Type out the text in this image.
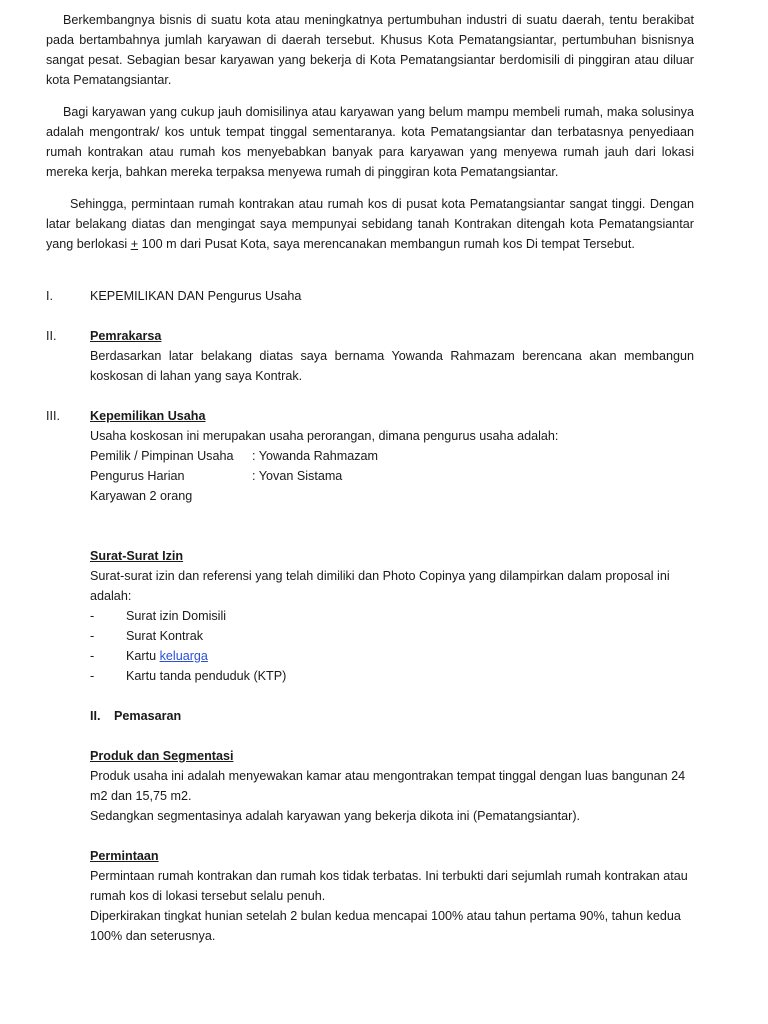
Berkembangnya bisnis di suatu kota atau meningkatnya pertumbuhan industri di suatu daerah, tentu berakibat pada bertambahnya jumlah karyawan di daerah tersebut. Khusus Kota Pematangsiantar, pertumbuhan bisnisnya sangat pesat. Sebagian besar karyawan yang bekerja di Kota Pematangsiantar berdomisili di pinggiran atau diluar kota Pematangsiantar.

Bagi karyawan yang cukup jauh domisilinya atau karyawan yang belum mampu membeli rumah, maka solusinya adalah mengontrak/ kos untuk tempat tinggal sementaranya. kota Pematangsiantar dan terbatasnya penyediaan rumah kontrakan atau rumah kos menyebabkan banyak para karyawan yang menyewa rumah jauh dari lokasi mereka kerja, bahkan mereka terpaksa menyewa rumah di pinggiran kota Pematangsiantar.

Sehingga, permintaan rumah kontrakan atau rumah kos di pusat kota Pematangsiantar sangat tinggi. Dengan latar belakang diatas dan mengingat saya mempunyai sebidang tanah Kontrakan ditengah kota Pematangsiantar yang berlokasi + 100 m dari Pusat Kota, saya merencanakan membangun rumah kos Di tempat Tersebut.

I.	KEPEMILIKAN DAN Pengurus Usaha
II.	Pemrakarsa

Berdasarkan latar belakang diatas saya bernama Yowanda Rahmazam berencana akan membangun koskosan di lahan yang saya Kontrak.

III.	Kepemilikan Usaha

Usaha koskosan ini merupakan usaha perorangan, dimana pengurus usaha adalah:

Pemilik / Pimpinan Usaha	: Yowanda Rahmazam
Pengurus Harian	: Yovan Sistama

Karyawan 2 orang

Surat-Surat Izin

Surat-surat izin dan referensi yang telah dimiliki dan Photo Copinya yang dilampirkan dalam proposal ini adalah:

-	Surat izin Domisili
-	Surat Kontrak
-	Kartu keluarga
-	Kartu tanda penduduk (KTP)

II. Pemasaran

Produk dan Segmentasi

Produk usaha ini adalah menyewakan kamar atau mengontrakan tempat tinggal dengan luas bangunan 24 m2 dan 15,75 m2.

Sedangkan segmentasinya adalah karyawan yang bekerja dikota ini (Pematangsiantar).

Permintaan

Permintaan rumah kontrakan dan rumah kos tidak terbatas. Ini terbukti dari sejumlah rumah kontrakan atau rumah kos di lokasi tersebut selalu penuh.

Diperkirakan tingkat hunian setelah 2 bulan kedua mencapai 100% atau tahun pertama 90%, tahun kedua 100% dan seterusnya.
